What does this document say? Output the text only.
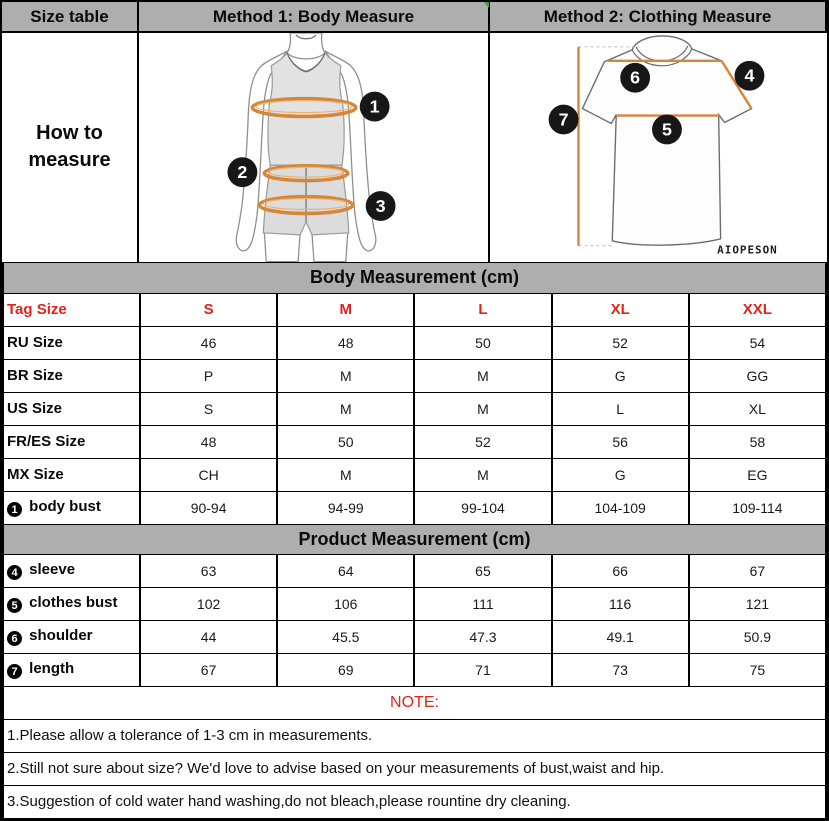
Size table	Method 1: Body Measure	Method 2: Clothing Measure
How to measure
1
2
3
6	4
7	5
AIOPESON
Body Measurement (cm)					
Tag Size	S	M	L	XL	XXL
RU Size	46	48	50	52	54
BR Size	P	M	M	G	GG
US Size	S	M	M	L	XL
FR/ES Size	48	50	52	56	58
MX Size	CH	M	M	G	EG
1 body bust	90-94	94-99	99-104	104-109	109-114
Product Measurement (cm)					
4 sleeve	63	64	65	66	67
5 clothes bust	102	106	111	116	121
6 shoulder	44	45.5	47.3	49.1	50.9
7 length	67	69	71	73	75
NOTE:					
1.Please allow a tolerance of 1-3 cm in measurements.					
2.Still not sure about size? We'd love to advise based on your measurements of bust,waist and hip.					
3.Suggestion of cold water hand washing,do not bleach,please rountine dry cleaning.					
